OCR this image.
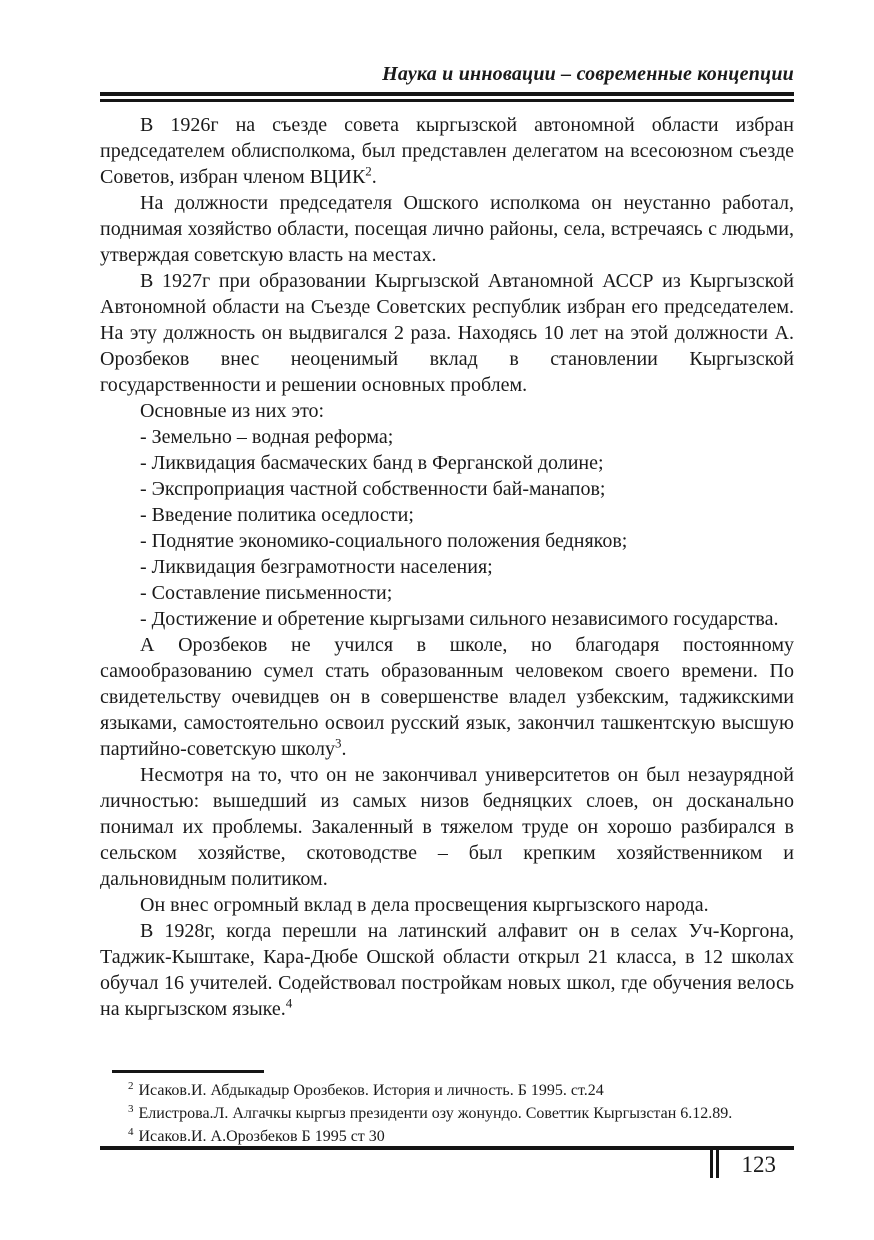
Наука и инновации – современные концепции

В 1926г на съезде совета кыргызской автономной области избран председателем облисполкома, был представлен делегатом на всесоюзном съезде Советов, избран членом ВЦИК$^2$.

На должности председателя Ошского исполкома он неустанно работал, поднимая хозяйство области, посещая лично районы, села, встречаясь с людьми, утверждая советскую власть на местах.

В 1927г при образовании Кыргызской Автаномной АССР из Кыргызской Автономной области на Съезде Советских республик избран его председателем. На эту должность он выдвигался 2 раза. Находясь 10 лет на этой должности А. Орозбеков внес неоценимый вклад в становлении Кыргызской государственности и решении основных проблем.

Основные из них это:

- Земельно – водная реформа;

- Ликвидация басмаческих банд в Ферганской долине;

- Экспроприация частной собственности бай-манапов;

- Введение политика оседлости;

- Поднятие экономико-социального положения бедняков;

- Ликвидация безграмотности населения;

- Составление письменности;

- Достижение и обретение кыргызами сильного независимого государства.

А Орозбеков не учился в школе, но благодаря постоянному самообразованию сумел стать образованным человеком своего времени. По свидетельству очевидцев он в совершенстве владел узбекским, таджикскими языками, самостоятельно освоил русский язык, закончил ташкентскую высшую партийно-советскую школу$^3$.

Несмотря на то, что он не закончивал университетов он был незаурядной личностью: вышедший из самых низов бедняцких слоев, он досканально понимал их проблемы. Закаленный в тяжелом труде он хорошо разбирался в сельском хозяйстве, скотоводстве – был крепким хозяйственником и дальновидным политиком.

Он внес огромный вклад в дела просвещения кыргызского народа.

В 1928г, когда перешли на латинский алфавит он в селах Уч-Коргона, Таджик-Кыштаке, Кара-Дюбе Ошской области открыл 21 класса, в 12 школах обучал 16 учителей. Содействовал постройкам новых школ, где обучения велось на кыргызском языке.$^4$

$^2$ Исаков.И. Абдыкадыр Орозбеков. История и личность. Б 1995. ст.24

$^3$ Елистрова.Л. Алгачкы кыргыз президенти озу жонундо. Советтик Кыргызстан 6.12.89.

$^4$ Исаков.И. А.Орозбеков Б 1995 ст 30

123
